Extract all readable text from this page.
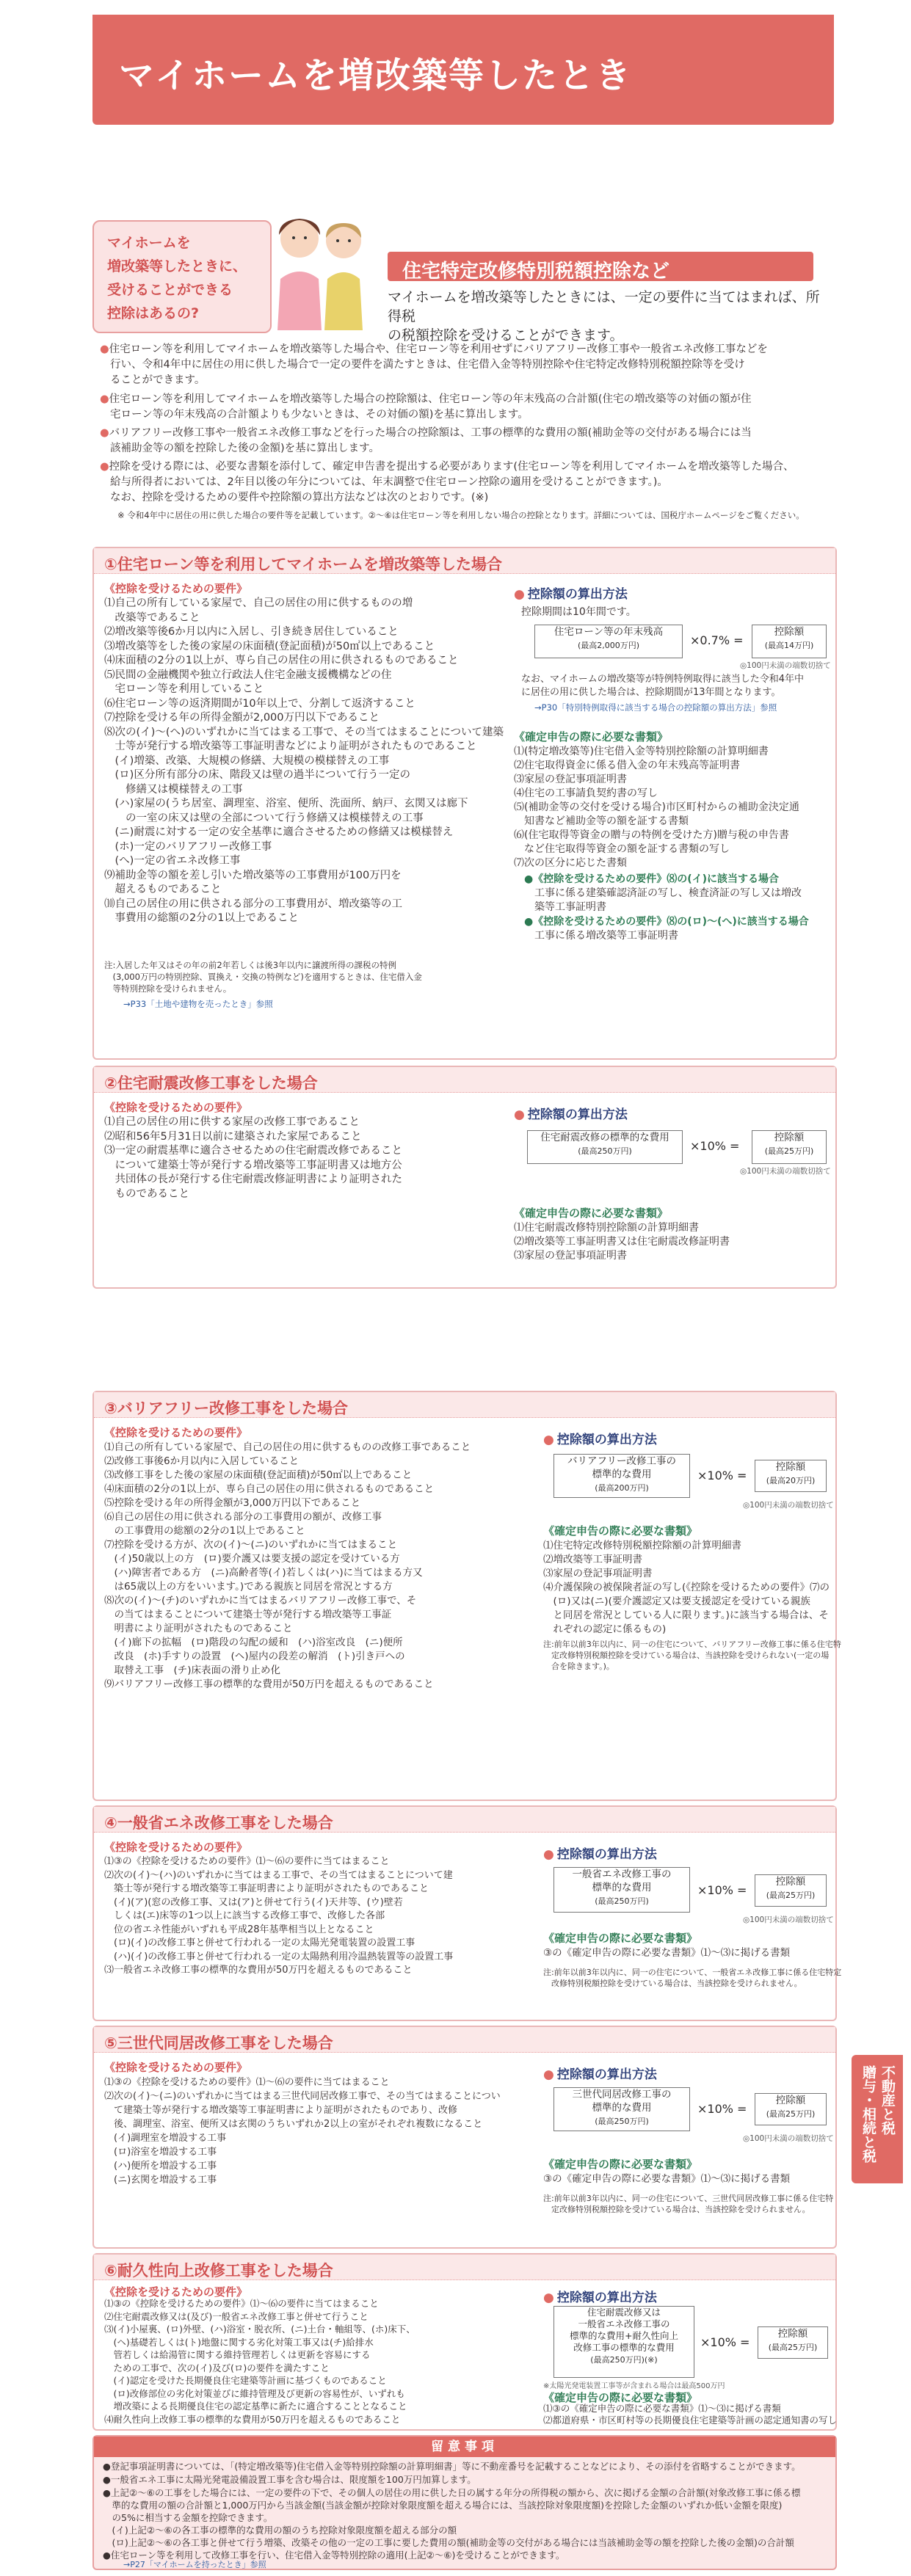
マイホームを増改築等したとき
マイホームを
増改築等したときに、
受けることができる
控除はあるの?
住宅特定改修特別税額控除など
マイホームを増改築等したときには、一定の要件に当てはまれば、所得税
の税額控除を受けることができます。
●住宅ローン等を利用してマイホームを増改築等した場合や、住宅ローン等を利用せずにバリアフリー改修工事や一般省エネ改修工事などを
行い、令和4年中に居住の用に供した場合で一定の要件を満たすときは、住宅借入金等特別控除や住宅特定改修特別税額控除等を受け
ることができます。
●住宅ローン等を利用してマイホームを増改築等した場合の控除額は、住宅ローン等の年末残高の合計額(住宅の増改築等の対価の額が住
宅ローン等の年末残高の合計額よりも少ないときは、その対価の額)を基に算出します。
●バリアフリー改修工事や一般省エネ改修工事などを行った場合の控除額は、工事の標準的な費用の額(補助金等の交付がある場合には当
該補助金等の額を控除した後の金額)を基に算出します。
●控除を受ける際には、必要な書類を添付して、確定申告書を提出する必要があります(住宅ローン等を利用してマイホームを増改築等した場合、
給与所得者においては、2年目以後の年分については、年末調整で住宅ローン控除の適用を受けることができます。)。
なお、控除を受けるための要件や控除額の算出方法などは次のとおりです。(※)
※ 令和4年中に居住の用に供した場合の要件等を記載しています。②～⑥は住宅ローン等を利用しない場合の控除となります。詳細については、国税庁ホームページをご覧ください。
①住宅ローン等を利用してマイホームを増改築等した場合
《控除を受けるための要件》
⑴自己の所有している家屋で、自己の居住の用に供するものの増
　改築等であること
⑵増改築等後6か月以内に入居し、引き続き居住していること
⑶増改築等をした後の家屋の床面積(登記面積)が50㎡以上であること
⑷床面積の2分の1以上が、専ら自己の居住の用に供されるものであること
⑸民間の金融機関や独立行政法人住宅金融支援機構などの住
　宅ローン等を利用していること
⑹住宅ローン等の返済期間が10年以上で、分割して返済すること
⑺控除を受ける年の所得金額が2,000万円以下であること
⑻次の(イ)～(へ)のいずれかに当てはまる工事で、その当てはまることについて建築
　士等が発行する増改築等工事証明書などにより証明がされたものであること
　(イ)増築、改築、大規模の修繕、大規模の模様替えの工事
　(ロ)区分所有部分の床、階段又は壁の過半について行う一定の
　　修繕又は模様替えの工事
　(ハ)家屋の(うち居室、調理室、浴室、便所、洗面所、納戸、玄関又は廊下
　　の一室の床又は壁の全部について行う修繕又は模様替えの工事
　(ニ)耐震に対する一定の安全基準に適合させるための修繕又は模様替え
　(ホ)一定のバリアフリー改修工事
　(へ)一定の省エネ改修工事
⑼補助金等の額を差し引いた増改築等の工事費用が100万円を
　超えるものであること
⑽自己の居住の用に供される部分の工事費用が、増改築等の工
　事費用の総額の2分の1以上であること
注:入居した年又はその年の前2年若しくは後3年以内に譲渡所得の課税の特例
　(3,000万円の特別控除、買換え・交換の特例など)を適用するときは、住宅借入金
　等特別控除を受けられません。
→P33「土地や建物を売ったとき」参照
● 控除額の算出方法
控除期間は10年間です。
住宅ローン等の年末残高
(最高2,000万円)	×0.7% =
控除額
(最高14万円)
◎100円未満の端数切捨て
なお、マイホームの増改築等が特例特例取得に該当した令和4年中
に居住の用に供した場合は、控除期間が13年間となります。
→P30「特別特例取得に該当する場合の控除額の算出方法」参照
《確定申告の際に必要な書類》
⑴(特定増改築等)住宅借入金等特別控除額の計算明細書
⑵住宅取得資金に係る借入金の年末残高等証明書
⑶家屋の登記事項証明書
⑷住宅の工事請負契約書の写し
⑸(補助金等の交付を受ける場合)市区町村からの補助金決定通
　知書など補助金等の額を証する書類
⑹(住宅取得等資金の贈与の特例を受けた方)贈与税の申告書
　など住宅取得等資金の額を証する書類の写し
⑺次の区分に応じた書類
●《控除を受けるための要件》⑻の(イ)に該当する場合
　工事に係る建築確認済証の写し、検査済証の写し又は増改
　築等工事証明書
●《控除を受けるための要件》⑻の(ロ)～(へ)に該当する場合
　工事に係る増改築等工事証明書
②住宅耐震改修工事をした場合
《控除を受けるための要件》
⑴自己の居住の用に供する家屋の改修工事であること
⑵昭和56年5月31日以前に建築された家屋であること
⑶一定の耐震基準に適合させるための住宅耐震改修であること
　について建築士等が発行する増改築等工事証明書又は地方公
　共団体の長が発行する住宅耐震改修証明書により証明された
　ものであること
● 控除額の算出方法
住宅耐震改修の標準的な費用
(最高250万円)	×10% =
控除額
(最高25万円)
◎100円未満の端数切捨て
《確定申告の際に必要な書類》
⑴住宅耐震改修特別控除額の計算明細書
⑵増改築等工事証明書又は住宅耐震改修証明書
⑶家屋の登記事項証明書
③バリアフリー改修工事をした場合
《控除を受けるための要件》
⑴自己の所有している家屋で、自己の居住の用に供するものの改修工事であること
⑵改修工事後6か月以内に入居していること
⑶改修工事をした後の家屋の床面積(登記面積)が50㎡以上であること
⑷床面積の2分の1以上が、専ら自己の居住の用に供されるものであること
⑸控除を受ける年の所得金額が3,000万円以下であること
⑹自己の居住の用に供される部分の工事費用の額が、改修工事
　の工事費用の総額の2分の1以上であること
⑺控除を受ける方が、次の(イ)～(ニ)のいずれかに当てはまること
　(イ)50歳以上の方　(ロ)要介護又は要支援の認定を受けている方
　(ハ)障害者である方　(ニ)高齢者等(イ)若しくは(ハ)に当てはまる方又
　は65歳以上の方をいいます。)である親族と同居を常況とする方
⑻次の(イ)～(チ)のいずれかに当てはまるバリアフリー改修工事で、そ
　の当てはまることについて建築士等が発行する増改築等工事証
　明書により証明がされたものであること
　(イ)廊下の拡幅　(ロ)階段の勾配の緩和　(ハ)浴室改良　(ニ)便所
　改良　(ホ)手すりの設置　(ヘ)屋内の段差の解消　(ト)引き戸への
　取替え工事　(チ)床表面の滑り止め化
⑼バリアフリー改修工事の標準的な費用が50万円を超えるものであること
● 控除額の算出方法
バリアフリー改修工事の
標準的な費用
(最高200万円)
×10% =
控除額
(最高20万円)
◎100円未満の端数切捨て
《確定申告の際に必要な書類》
⑴住宅特定改修特別税額控除額の計算明細書
⑵増改築等工事証明書
⑶家屋の登記事項証明書
⑷介護保険の被保険者証の写し(《控除を受けるための要件》⑺の
　(ロ)又は(ニ)(要介護認定又は要支援認定を受けている親族
　と同居を常況としている人に限ります。)に該当する場合は、そ
　れぞれの認定に係るもの)
注:前年以前3年以内に、同一の住宅について、バリアフリー改修工事に係る住宅特
　定改修特別税額控除を受けている場合は、当該控除を受けられない(一定の場
　合を除きます。)。
④一般省エネ改修工事をした場合
《控除を受けるための要件》
⑴③の《控除を受けるための要件》⑴～⑹の要件に当てはまること
⑵次の(イ)～(ハ)のいずれかに当てはまる工事で、その当てはまることについて建
　築士等が発行する増改築等工事証明書により証明がされたものであること
　(イ)(ア)(窓の改修工事、又は(ア)と併せて行う(イ)天井等、(ウ)壁若
　しくは(エ)床等の1つ以上に該当する改修工事で、改修した各部
　位の省エネ性能がいずれも平成28年基準相当以上となること
　(ロ)(イ)の改修工事と併せて行われる一定の太陽光発電装置の設置工事
　(ハ)(イ)の改修工事と併せて行われる一定の太陽熱利用冷温熱装置等の設置工事
⑶一般省エネ改修工事の標準的な費用が50万円を超えるものであること
● 控除額の算出方法
一般省エネ改修工事の
標準的な費用

(最高250万円)
×10% =
控除額
(最高25万円)
◎100円未満の端数切捨て
《確定申告の際に必要な書類》
③の《確定申告の際に必要な書類》⑴～⑶に掲げる書類
注:前年以前3年以内に、同一の住宅について、一般省エネ改修工事に係る住宅特定
　改修特別税額控除を受けている場合は、当該控除を受けられません。
⑤三世代同居改修工事をした場合
《控除を受けるための要件》
⑴③の《控除を受けるための要件》⑴～⑹の要件に当てはまること
⑵次の(イ)～(ニ)のいずれかに当てはまる三世代同居改修工事で、その当てはまることについ
　て建築士等が発行する増改築等工事証明書により証明がされたものであり、改修
　後、調理室、浴室、便所又は玄関のうちいずれか2以上の室がそれぞれ複数になること
　(イ)調理室を増設する工事
　(ロ)浴室を増設する工事
　(ハ)便所を増設する工事
　(ニ)玄関を増設する工事
● 控除額の算出方法
三世代同居改修工事の
標準的な費用
(最高250万円)
×10% =
控除額
(最高25万円)
◎100円未満の端数切捨て
《確定申告の際に必要な書類》
③の《確定申告の際に必要な書類》⑴～⑶に掲げる書類
注:前年以前3年以内に、同一の住宅について、三世代同居改修工事に係る住宅特
　定改修特別税額控除を受けている場合は、当該控除を受けられません。
⑥耐久性向上改修工事をした場合
《控除を受けるための要件》
⑴③の《控除を受けるための要件》⑴～⑹の要件に当てはまること
⑵住宅耐震改修又は(及び)一般省エネ改修工事と併せて行うこと
⑶(イ)小屋裏、(ロ)外壁、(ハ)浴室・脱衣所、(ニ)土台・軸組等、(ホ)床下、
　(ヘ)基礎若しくは(ト)地盤に関する劣化対策工事又は(チ)給排水
　管若しくは給湯管に関する維持管理若しくは更新を容易にする
　ための工事で、次の(イ)及び(ロ)の要件を満たすこと
　(イ)認定を受けた長期優良住宅建築等計画に基づくものであること
　(ロ)改修部位の劣化対策並びに維持管理及び更新の容易性が、いずれも
　増改築による長期優良住宅の認定基準に新たに適合することとなること
⑷耐久性向上改修工事の標準的な費用が50万円を超えるものであること
● 控除額の算出方法
住宅耐震改修又は
一般省エネ改修工事の
標準的な費用+耐久性向上
改修工事の標準的な費用
(最高250万円)(※)
×10% =
控除額
(最高25万円)
※太陽光発電装置工事等が含まれる場合は最高500万円
《確定申告の際に必要な書類》
⑴③の《確定申告の際に必要な書類》⑴～⑶に掲げる書類
⑵都道府県・市区町村等の長期優良住宅建築等計画の認定通知書の写し
不動産と税
贈与・相続と税
留意事項
●登記事項証明書については、「(特定増改築等)住宅借入金等特別控除額の計算明細書」等に不動産番号を記載することなどにより、その添付を省略することができます。
●一般省エネ工事に太陽光発電設備設置工事を含む場合は、限度額を100万円加算します。
●上記②～⑥の工事をした場合には、一定の要件の下で、その個人の居住の用に供した日の属する年分の所得税の額から、次に掲げる金額の合計額(対象改修工事に係る標
　準的な費用の額の合計額と1,000万円から当該金額(当該金額が控除対象限度額を超える場合には、当該控除対象限度額)を控除した金額のいずれか低い金額を限度)
　の5%に相当する金額を控除できます。
　(イ)上記②～⑥の各工事の標準的な費用の額のうち控除対象限度額を超える部分の額
　(ロ)上記②～⑥の各工事と併せて行う増築、改築その他の一定の工事に要した費用の額(補助金等の交付がある場合には当該補助金等の額を控除した後の金額)の合計額
●住宅ローン等を利用して改修工事を行い、住宅借入金等特別控除の適用(上記②～⑥)を受けることができます。
→P27「マイホームを持ったとき」参照
